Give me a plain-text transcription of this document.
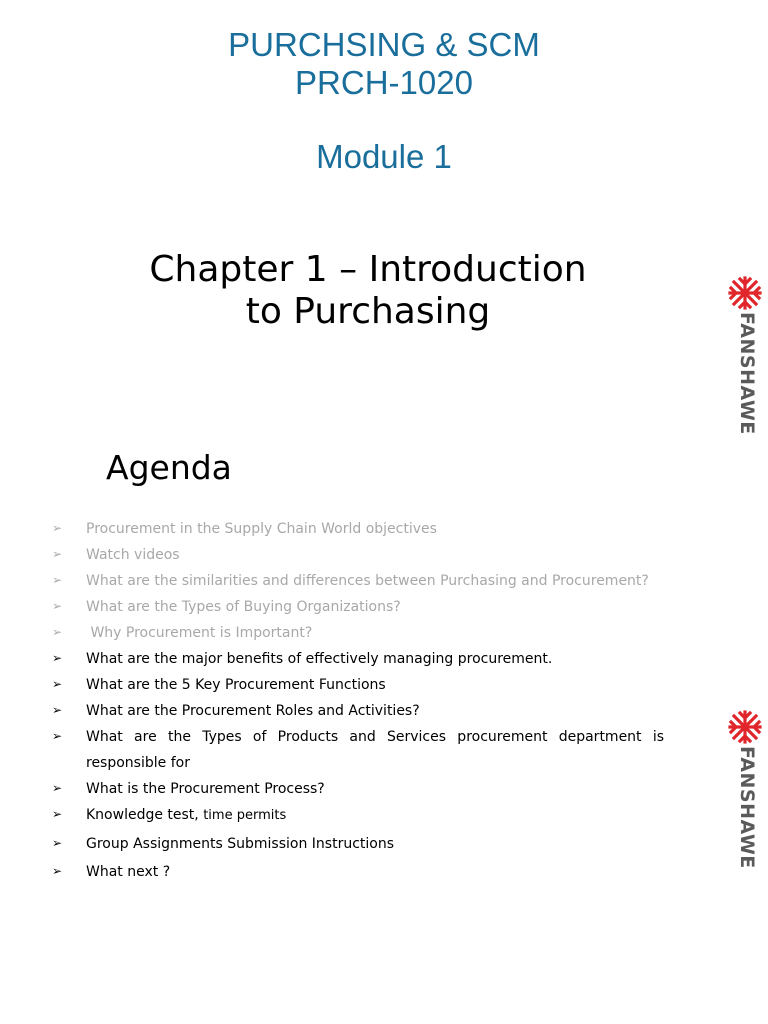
PURCHSING & SCM
PRCH-1020
Module 1
Chapter 1 – Introduction
to Purchasing
FANSHAWE
Agenda
➢ Procurement in the Supply Chain World objectives
➢ Watch videos
➢ What are the similarities and differences between Purchasing and Procurement?
➢ What are the Types of Buying Organizations?
➢ Why Procurement is Important?
➢ What are the major benefits of effectively managing procurement.
➢ What are the 5 Key Procurement Functions
➢ What are the Procurement Roles and Activities?
➢ What are the Types of Products and Services procurement department is responsible for
➢ What is the Procurement Process?
➢ Knowledge test, time permits
➢ Group Assignments Submission Instructions
➢ What next ?
FANSHAWE
